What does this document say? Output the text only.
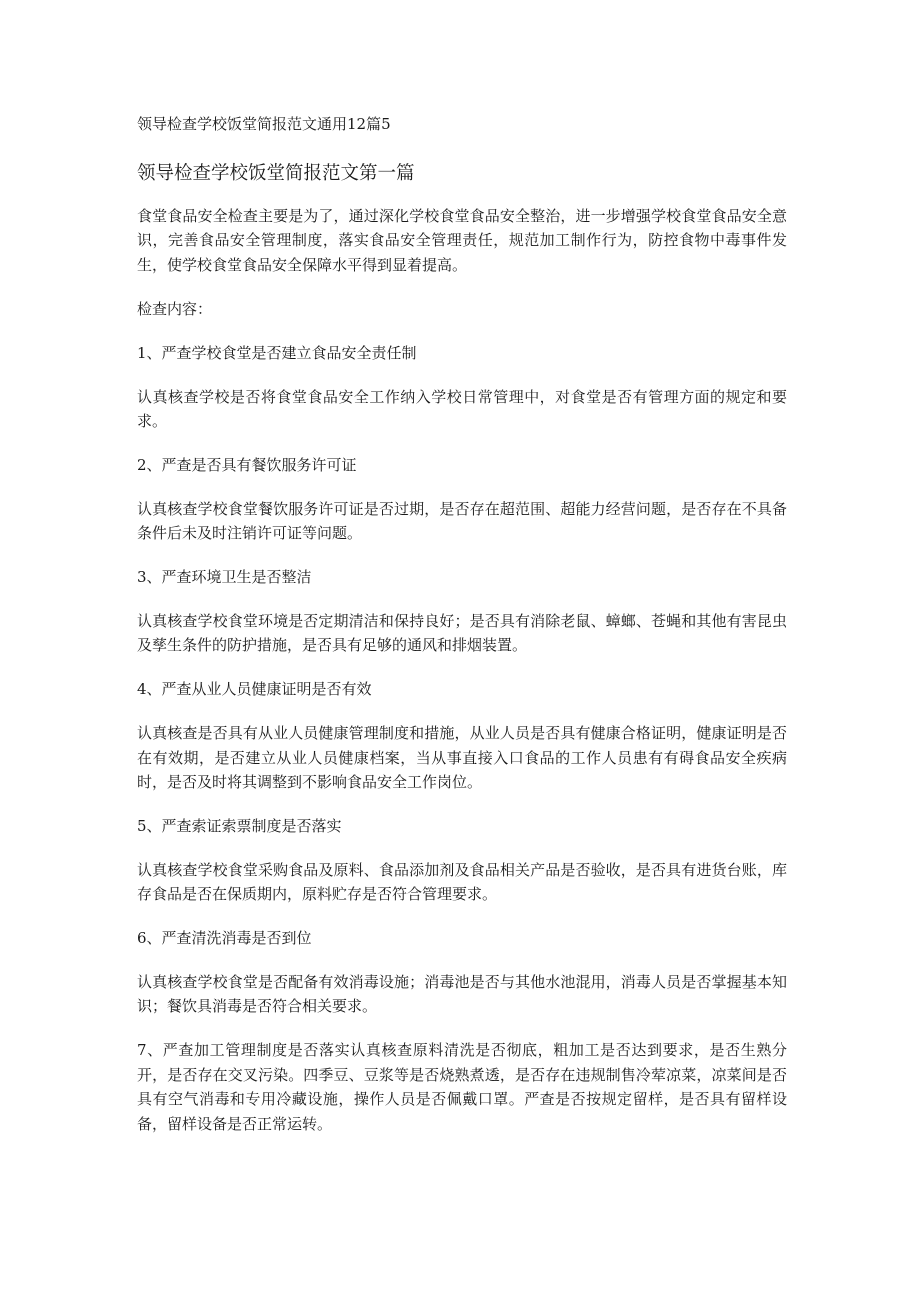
领导检查学校饭堂简报范文通用12篇5
领导检查学校饭堂简报范文第一篇

食堂食品安全检查主要是为了，通过深化学校食堂食品安全整治，进一步增强学校食堂食品安全意识，完善食品安全管理制度，落实食品安全管理责任，规范加工制作行为，防控食物中毒事件发生，使学校食堂食品安全保障水平得到显着提高。

检查内容：

1、严查学校食堂是否建立食品安全责任制

认真核查学校是否将食堂食品安全工作纳入学校日常管理中，对食堂是否有管理方面的规定和要求。

2、严查是否具有餐饮服务许可证

认真核查学校食堂餐饮服务许可证是否过期，是否存在超范围、超能力经营问题，是否存在不具备条件后未及时注销许可证等问题。

3、严查环境卫生是否整洁

认真核查学校食堂环境是否定期清洁和保持良好；是否具有消除老鼠、蟑螂、苍蝇和其他有害昆虫及孳生条件的防护措施，是否具有足够的通风和排烟装置。

4、严查从业人员健康证明是否有效

认真核查是否具有从业人员健康管理制度和措施，从业人员是否具有健康合格证明，健康证明是否在有效期，是否建立从业人员健康档案，当从事直接入口食品的工作人员患有有碍食品安全疾病时，是否及时将其调整到不影响食品安全工作岗位。

5、严查索证索票制度是否落实

认真核查学校食堂采购食品及原料、食品添加剂及食品相关产品是否验收，是否具有进货台账，库存食品是否在保质期内，原料贮存是否符合管理要求。

6、严查清洗消毒是否到位

认真核查学校食堂是否配备有效消毒设施；消毒池是否与其他水池混用，消毒人员是否掌握基本知识；餐饮具消毒是否符合相关要求。

7、严查加工管理制度是否落实认真核查原料清洗是否彻底，粗加工是否达到要求，是否生熟分开，是否存在交叉污染。四季豆、豆浆等是否烧熟煮透，是否存在违规制售冷荤凉菜，凉菜间是否具有空气消毒和专用冷藏设施，操作人员是否佩戴口罩。严查是否按规定留样，是否具有留样设备，留样设备是否正常运转。
